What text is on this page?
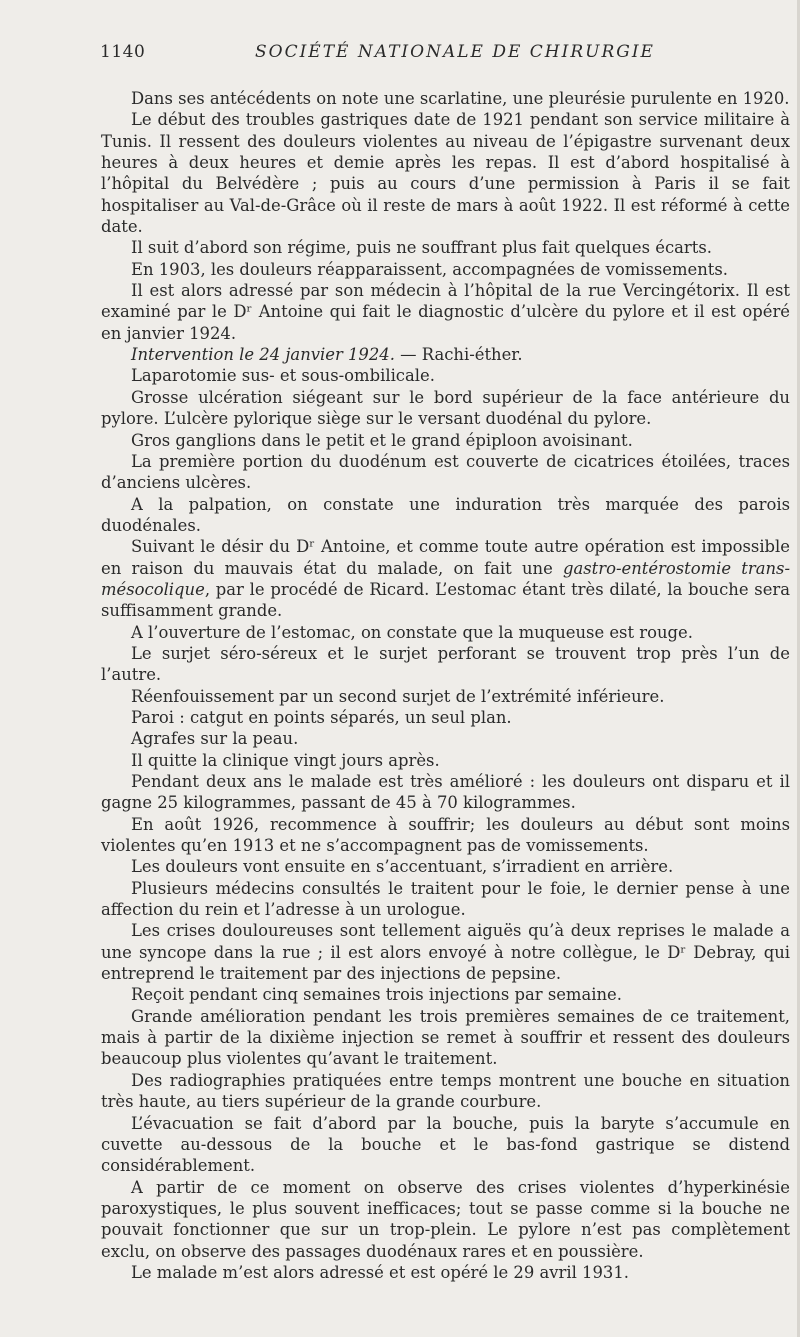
1140	SOCIÉTÉ NATIONALE DE CHIRURGIE

Dans ses antécédents on note une scarlatine, une pleurésie purulente en 1920.

Le début des troubles gastriques date de 1921 pendant son service militaire à Tunis. Il ressent des douleurs violentes au niveau de l’épigastre survenant deux heures à deux heures et demie après les repas. Il est d’abord hospitalisé à l’hôpital du Belvédère ; puis au cours d’une permission à Paris il se fait hospitaliser au Val-de-Grâce où il reste de mars à août 1922. Il est réformé à cette date.

Il suit d’abord son régime, puis ne souffrant plus fait quelques écarts.

En 1903, les douleurs réapparaissent, accompagnées de vomissements.

Il est alors adressé par son médecin à l’hôpital de la rue Vercingétorix. Il est examiné par le Dʳ Antoine qui fait le diagnostic d’ulcère du pylore et il est opéré en janvier 1924.

Intervention le 24 janvier 1924. — Rachi-éther.

Laparotomie sus- et sous-ombilicale.

Grosse ulcération siégeant sur le bord supérieur de la face antérieure du pylore. L’ulcère pylorique siège sur le versant duodénal du pylore.

Gros ganglions dans le petit et le grand épiploon avoisinant.

La première portion du duodénum est couverte de cicatrices étoilées, traces d’anciens ulcères.

A la palpation, on constate une induration très marquée des parois duodénales.

Suivant le désir du Dʳ Antoine, et comme toute autre opération est impossible en raison du mauvais état du malade, on fait une gastro-entérostomie trans-mésocolique, par le procédé de Ricard. L’estomac étant très dilaté, la bouche sera suffisamment grande.

A l’ouverture de l’estomac, on constate que la muqueuse est rouge.

Le surjet séro-séreux et le surjet perforant se trouvent trop près l’un de l’autre.

Réenfouissement par un second surjet de l’extrémité inférieure.

Paroi : catgut en points séparés, un seul plan.

Agrafes sur la peau.

Il quitte la clinique vingt jours après.

Pendant deux ans le malade est très amélioré : les douleurs ont disparu et il gagne 25 kilogrammes, passant de 45 à 70 kilogrammes.

En août 1926, recommence à souffrir; les douleurs au début sont moins violentes qu’en 1913 et ne s’accompagnent pas de vomissements.

Les douleurs vont ensuite en s’accentuant, s’irradient en arrière.

Plusieurs médecins consultés le traitent pour le foie, le dernier pense à une affection du rein et l’adresse à un urologue.

Les crises douloureuses sont tellement aiguës qu’à deux reprises le malade a une syncope dans la rue ; il est alors envoyé à notre collègue, le Dʳ Debray, qui entreprend le traitement par des injections de pepsine.

Reçoit pendant cinq semaines trois injections par semaine.

Grande amélioration pendant les trois premières semaines de ce traitement, mais à partir de la dixième injection se remet à souffrir et ressent des douleurs beaucoup plus violentes qu’avant le traitement.

Des radiographies pratiquées entre temps montrent une bouche en situation très haute, au tiers supérieur de la grande courbure.

L’évacuation se fait d’abord par la bouche, puis la baryte s’accumule en cuvette au-dessous de la bouche et le bas-fond gastrique se distend considérablement.

A partir de ce moment on observe des crises violentes d’hyperkinésie paroxystiques, le plus souvent inefficaces; tout se passe comme si la bouche ne pouvait fonctionner que sur un trop-plein. Le pylore n’est pas complètement exclu, on observe des passages duodénaux rares et en poussière.

Le malade m’est alors adressé et est opéré le 29 avril 1931.
